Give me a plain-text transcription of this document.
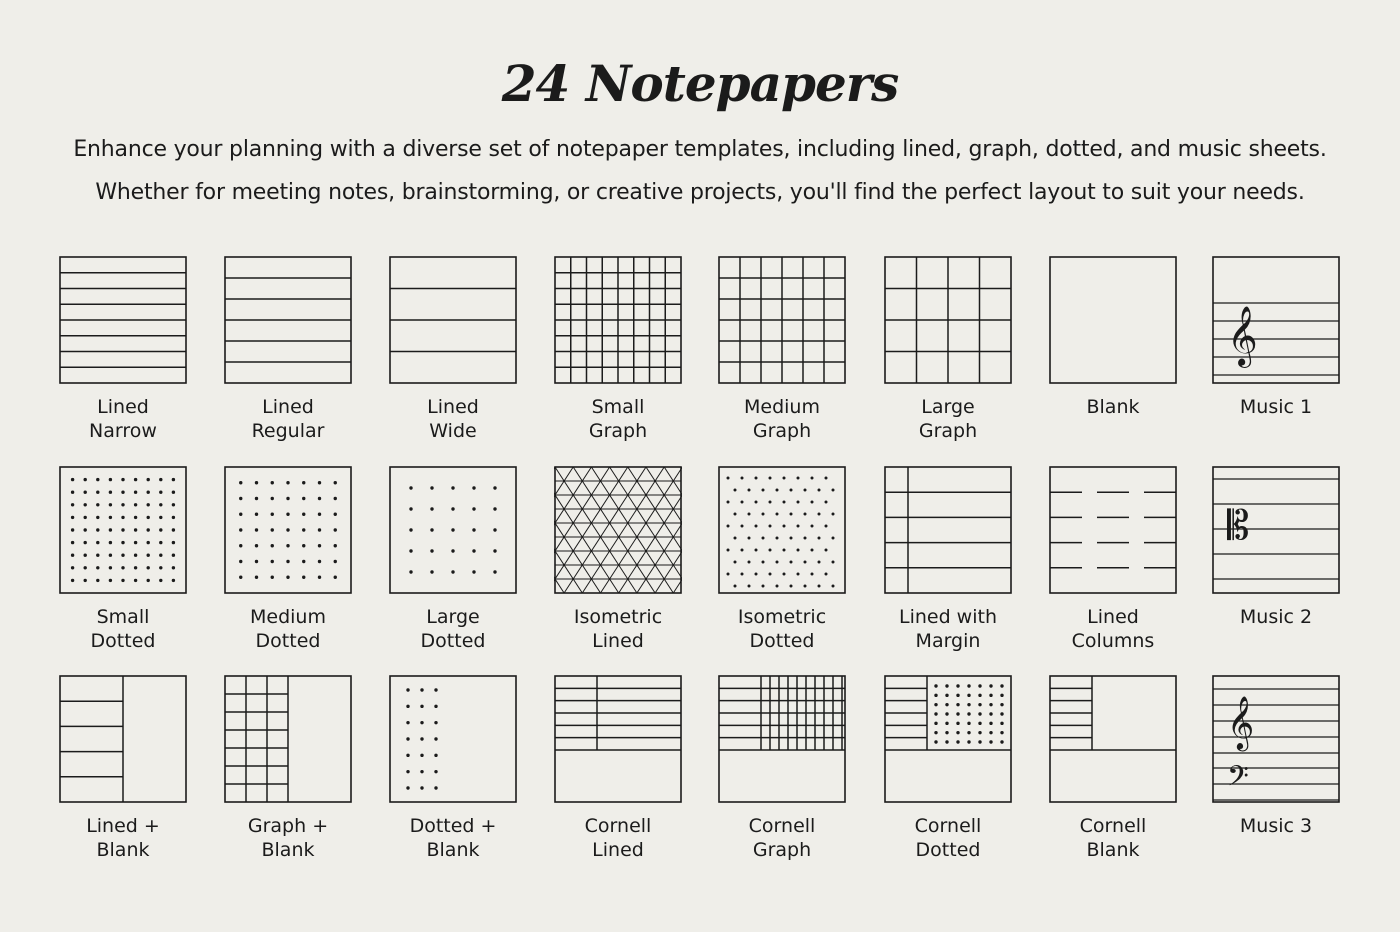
24 Notepapers
Enhance your planning with a diverse set of notepaper templates, including lined, graph, dotted, and music sheets.
Whether for meeting notes, brainstorming, or creative projects, you'll find the perfect layout to suit your needs.
Lined
Narrow
Lined
Regular
Lined
Wide
Small
Graph
Medium
Graph
Large
Graph
Blank
𝄞
Music 1
Small
Dotted
Medium
Dotted
Large
Dotted
Isometric
Lined
Isometric
Dotted
Lined with
Margin
Lined
Columns
𝄡
Music 2
Lined +
Blank
Graph +
Blank
Dotted +
Blank
Cornell
Lined
Cornell
Graph
Cornell
Dotted
Cornell
Blank
𝄞
𝄢
Music 3
